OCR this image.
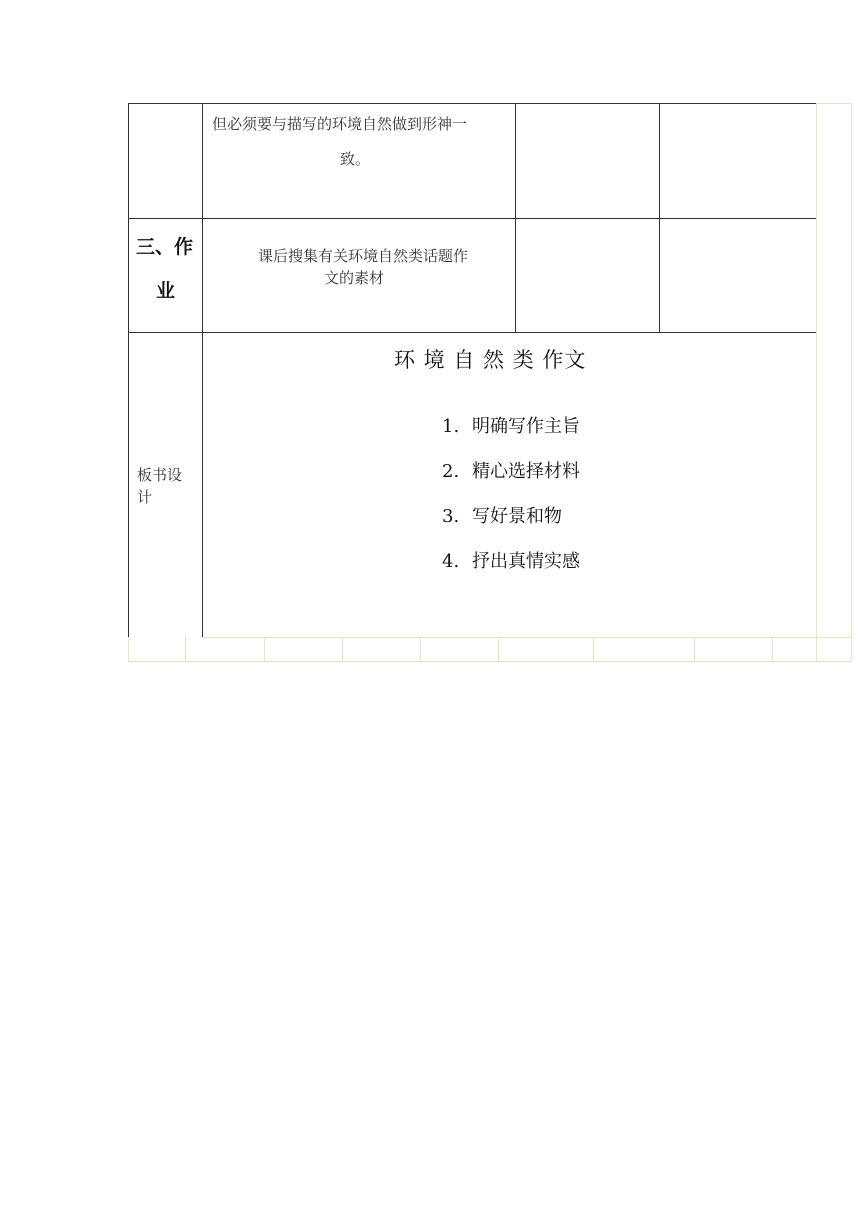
但必须要与描写的环境自然做到形神一
致。
三、作
业
课后搜集有关环境自然类话题作
文的素材
板书设
计
环 境 自 然 类 作文
1. 明确写作主旨
2. 精心选择材料
3. 写好景和物
4. 抒出真情实感
